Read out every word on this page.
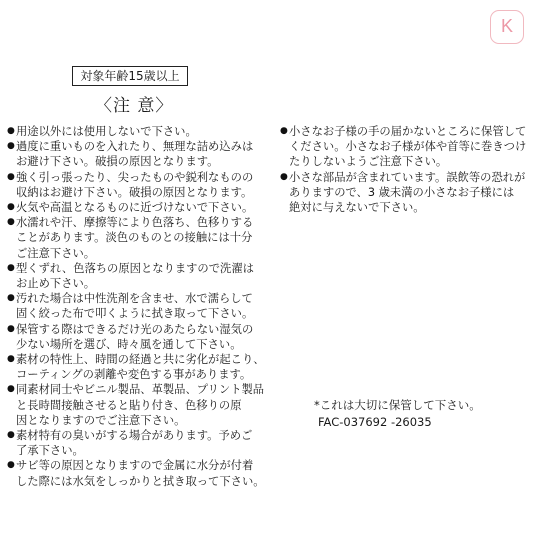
対象年齢15歳以上
〈注 意〉
● 用途以外には使用しないで下さい。
● 過度に重いものを入れたり、無理な詰め込みは
お避け下さい。破損の原因となります。
● 強く引っ張ったり、尖ったものや鋭利なものの
収納はお避け下さい。破損の原因となります。
● 火気や高温となるものに近づけないで下さい。
● 水濡れや汗、摩擦等により色落ち、色移りする
ことがあります。淡色のものとの接触には十分
ご注意下さい。
● 型くずれ、色落ちの原因となりますので洗濯は
お止め下さい。
● 汚れた場合は中性洗剤を含ませ、水で濡らして
固く絞った布で叩くように拭き取って下さい。
● 保管する際はできるだけ光のあたらない湿気の
少ない場所を選び、時々風を通して下さい。
● 素材の特性上、時間の経過と共に劣化が起こり、
コーティングの剥離や変色する事があります。
● 同素材同士やビニル製品、革製品、プリント製品
と長時間接触させると貼り付き、色移りの原
因となりますのでご注意下さい。
● 素材特有の臭いがする場合があります。予めご
了承下さい。
● サビ等の原因となりますので金属に水分が付着
した際には水気をしっかりと拭き取って下さい。
● 小さなお子様の手の届かないところに保管して
ください。小さなお子様が体や首等に巻きつけ
たりしないようご注意下さい。
● 小さな部品が含まれています。誤飲等の恐れが
ありますので、3 歳未満の小さなお子様には
絶対に与えないで下さい。
*これは大切に保管して下さい。
FAC-037692 -26035
K
